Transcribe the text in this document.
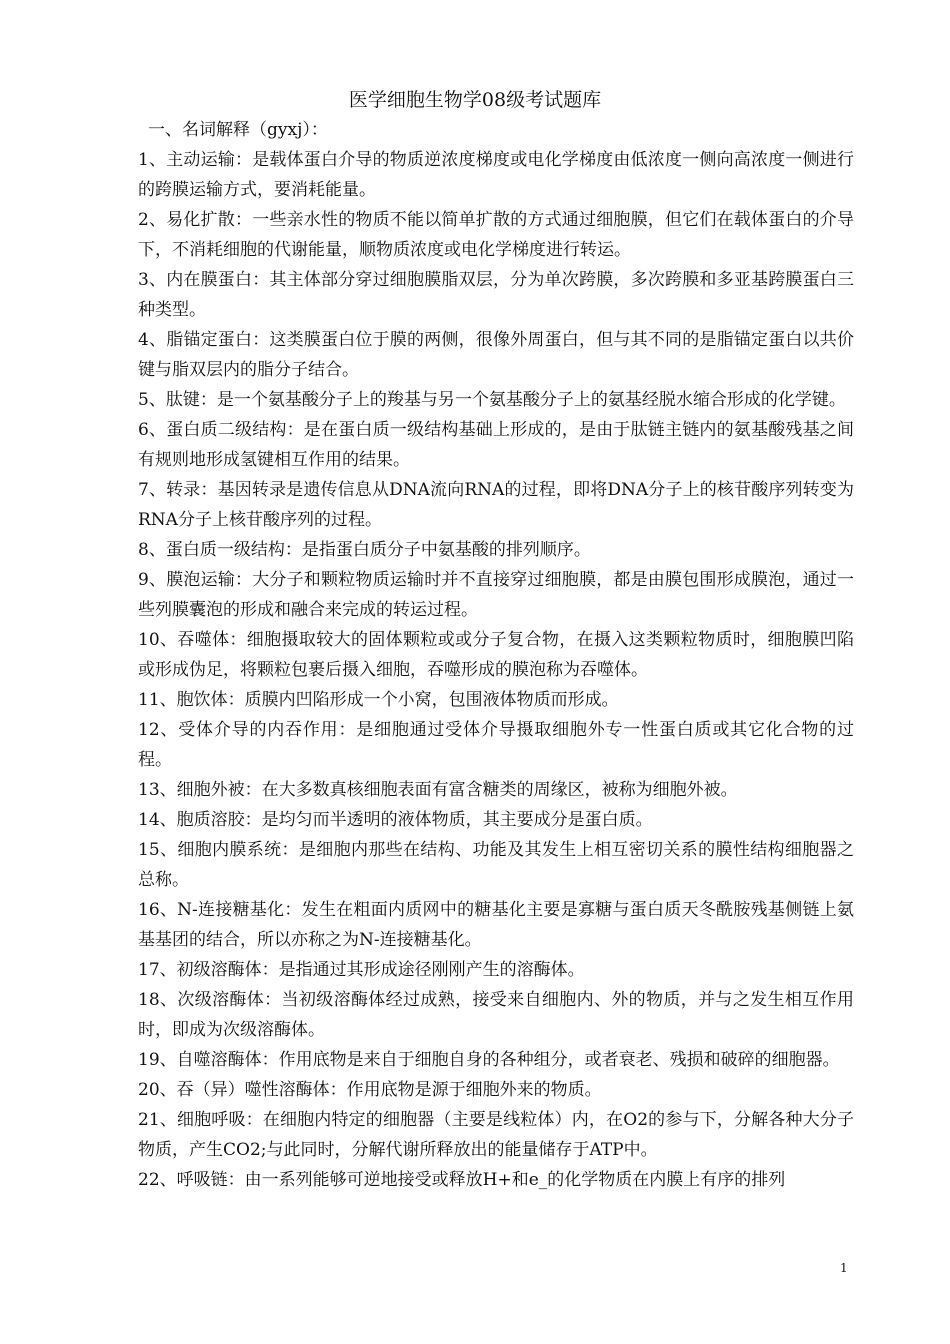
医学细胞生物学08级考试题库
一、名词解释（gyxj）：

1、主动运输：是载体蛋白介导的物质逆浓度梯度或电化学梯度由低浓度一侧向高浓度一侧进行的跨膜运输方式，要消耗能量。

2、易化扩散：一些亲水性的物质不能以简单扩散的方式通过细胞膜，但它们在载体蛋白的介导下，不消耗细胞的代谢能量，顺物质浓度或电化学梯度进行转运。

3、内在膜蛋白：其主体部分穿过细胞膜脂双层，分为单次跨膜，多次跨膜和多亚基跨膜蛋白三种类型。

4、脂锚定蛋白：这类膜蛋白位于膜的两侧，很像外周蛋白，但与其不同的是脂锚定蛋白以共价键与脂双层内的脂分子结合。

5、肽键：是一个氨基酸分子上的羧基与另一个氨基酸分子上的氨基经脱水缩合形成的化学键。

6、蛋白质二级结构：是在蛋白质一级结构基础上形成的，是由于肽链主链内的氨基酸残基之间有规则地形成氢键相互作用的结果。

7、转录：基因转录是遗传信息从DNA流向RNA的过程，即将DNA分子上的核苷酸序列转变为RNA分子上核苷酸序列的过程。

8、蛋白质一级结构：是指蛋白质分子中氨基酸的排列顺序。

9、膜泡运输：大分子和颗粒物质运输时并不直接穿过细胞膜，都是由膜包围形成膜泡，通过一些列膜囊泡的形成和融合来完成的转运过程。

10、吞噬体：细胞摄取较大的固体颗粒或或分子复合物，在摄入这类颗粒物质时，细胞膜凹陷或形成伪足，将颗粒包裹后摄入细胞，吞噬形成的膜泡称为吞噬体。

11、胞饮体：质膜内凹陷形成一个小窝，包围液体物质而形成。

12、受体介导的内吞作用：是细胞通过受体介导摄取细胞外专一性蛋白质或其它化合物的过程。

13、细胞外被：在大多数真核细胞表面有富含糖类的周缘区，被称为细胞外被。

14、胞质溶胶：是均匀而半透明的液体物质，其主要成分是蛋白质。

15、细胞内膜系统：是细胞内那些在结构、功能及其发生上相互密切关系的膜性结构细胞器之总称。

16、N-连接糖基化：发生在粗面内质网中的糖基化主要是寡糖与蛋白质天冬酰胺残基侧链上氨基基团的结合，所以亦称之为N-连接糖基化。

17、初级溶酶体：是指通过其形成途径刚刚产生的溶酶体。

18、次级溶酶体：当初级溶酶体经过成熟，接受来自细胞内、外的物质，并与之发生相互作用时，即成为次级溶酶体。

19、自噬溶酶体：作用底物是来自于细胞自身的各种组分，或者衰老、残损和破碎的细胞器。

20、吞（异）噬性溶酶体：作用底物是源于细胞外来的物质。

21、细胞呼吸：在细胞内特定的细胞器（主要是线粒体）内，在O2的参与下，分解各种大分子物质，产生CO2;与此同时，分解代谢所释放出的能量储存于ATP中。

22、呼吸链：由一系列能够可逆地接受或释放H+和e_的化学物质在内膜上有序的排列

1
